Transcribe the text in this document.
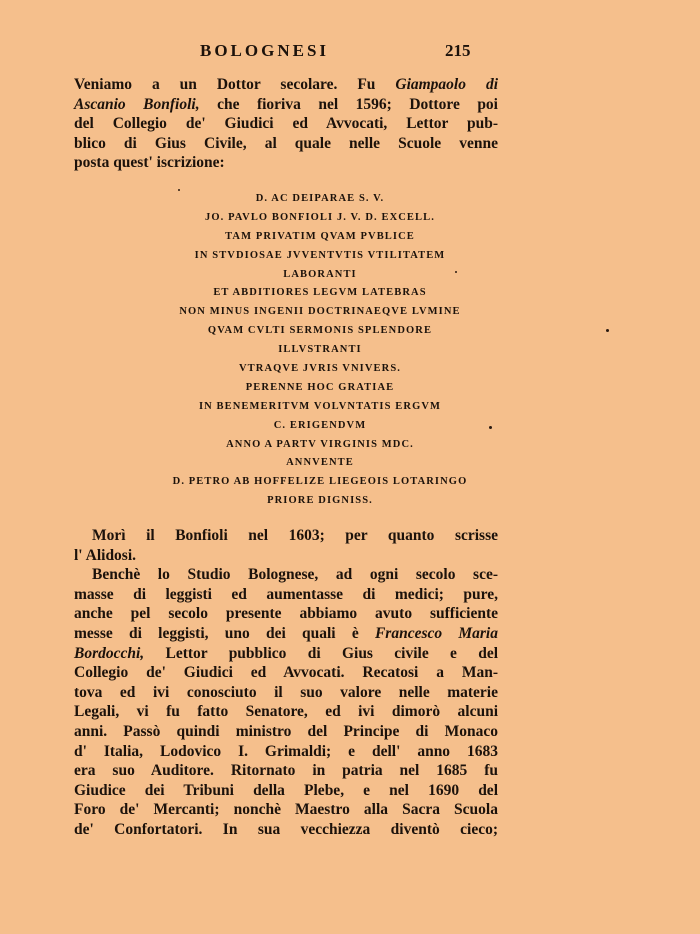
BOLOGNESI	215
Veniamo a un Dottor secolare. Fu Giampaolo di
Ascanio Bonfioli, che fioriva nel 1596; Dottore poi
del Collegio de' Giudici ed Avvocati, Lettor pub-
blico di Gius Civile, al quale nelle Scuole venne
posta quest' iscrizione:
D. AC DEIPARAE S. V.
JO. PAVLO BONFIOLI J. V. D. EXCELL.
TAM PRIVATIM QVAM PVBLICE
IN STVDIOSAE JVVENTVTIS VTILITATEM
LABORANTI
ET ABDITIORES LEGVM LATEBRAS
NON MINUS INGENII DOCTRINAEQVE LVMINE
QVAM CVLTI SERMONIS SPLENDORE
ILLVSTRANTI
VTRAQVE JVRIS VNIVERS.
PERENNE HOC GRATIAE
IN BENEMERITVM VOLVNTATIS ERGVM
C. ERIGENDVM
ANNO A PARTV VIRGINIS MDC.
ANNVENTE
D. PETRO AB HOFFELIZE LIEGEOIS LOTARINGO
PRIORE DIGNISS.
Morì il Bonfioli nel 1603; per quanto scrisse
l' Alidosi.
Benchè lo Studio Bolognese, ad ogni secolo sce-
masse di leggisti ed aumentasse di medici; pure,
anche pel secolo presente abbiamo avuto sufficiente
messe di leggisti, uno dei quali è Francesco Maria
Bordocchi, Lettor pubblico di Gius civile e del
Collegio de' Giudici ed Avvocati. Recatosi a Man-
tova ed ivi conosciuto il suo valore nelle materie
Legali, vi fu fatto Senatore, ed ivi dimorò alcuni
anni. Passò quindi ministro del Principe di Monaco
d' Italia, Lodovico I. Grimaldi; e dell' anno 1683
era suo Auditore. Ritornato in patria nel 1685 fu
Giudice dei Tribuni della Plebe, e nel 1690 del
Foro de' Mercanti; nonchè Maestro alla Sacra Scuola
de' Confortatori. In sua vecchiezza diventò cieco;
